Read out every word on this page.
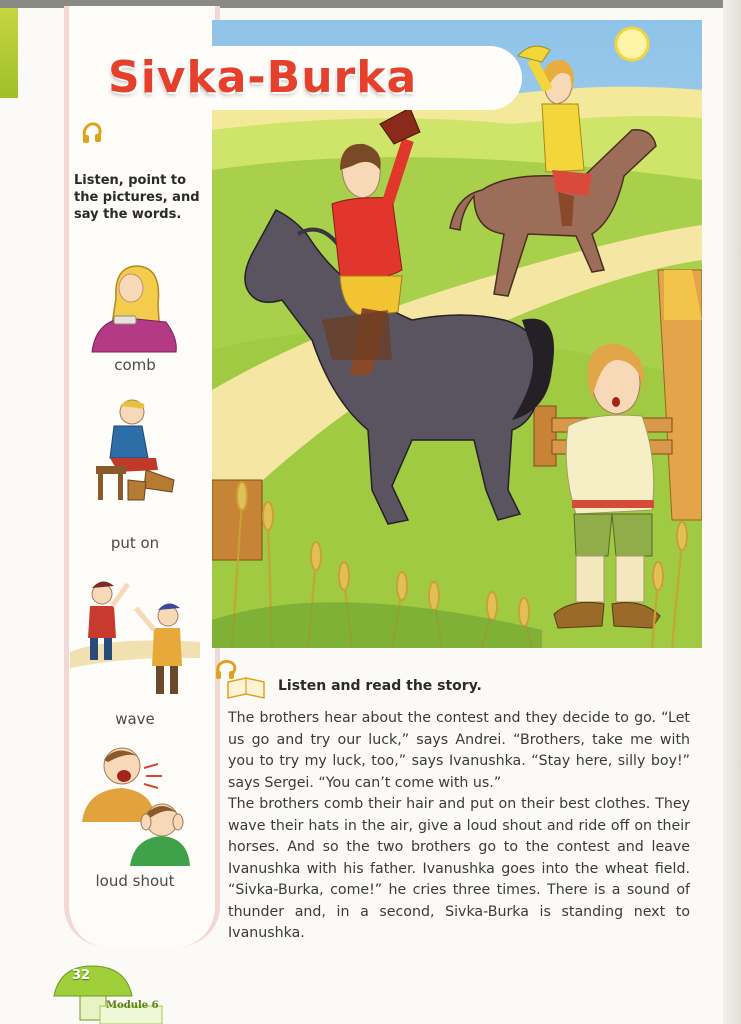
Listen, point to the pictures, and say the words.
comb
put on
wave
loud shout
Sivka-Burka
Listen and read the story.

The brothers hear about the contest and they decide to go. “Let us go and try our luck,” says Andrei. “Brothers, take me with you to try my luck, too,” says Ivanushka. “Stay here, silly boy!” says Sergei. “You can’t come with us.”

The brothers comb their hair and put on their best clothes. They wave their hats in the air, give a loud shout and ride off on their horses. And so the two brothers go to the contest and leave Ivanushka with his father. Ivanushka goes into the wheat field. “Sivka-Burka, come!” he cries three times. There is a sound of thunder and, in a second, Sivka-Burka is standing next to Ivanushka.

32
Module 6
